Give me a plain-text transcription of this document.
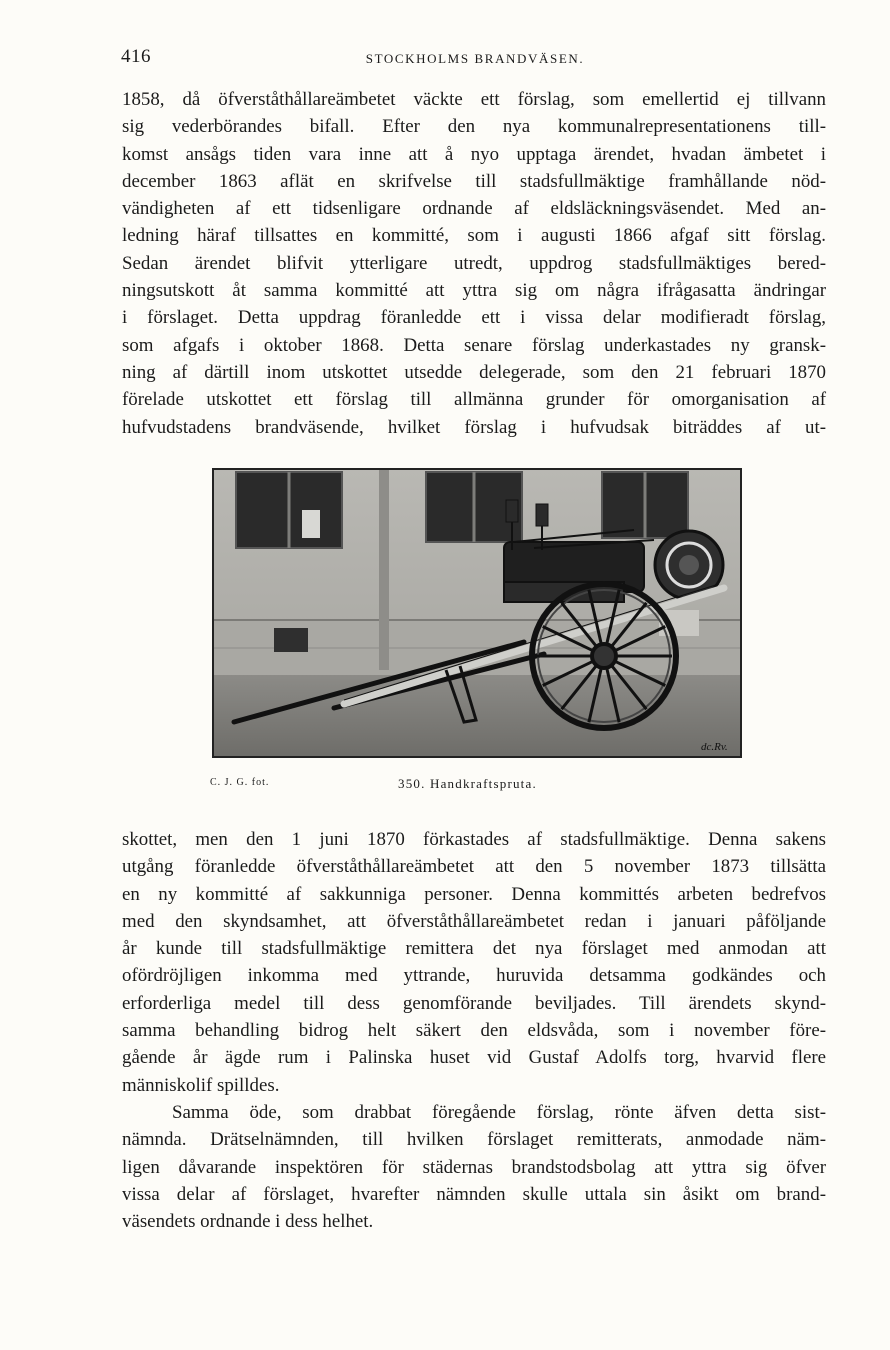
416	STOCKHOLMS BRANDVÄSEN.
1858, då öfverståthållareämbetet väckte ett förslag, som emellertid ej tillvann
sig vederbörandes bifall. Efter den nya kommunalrepresentationens till-
komst ansågs tiden vara inne att å nyo upptaga ärendet, hvadan ämbetet i
december 1863 aflät en skrifvelse till stadsfullmäktige framhållande nöd-
vändigheten af ett tidsenligare ordnande af eldsläckningsväsendet. Med an-
ledning häraf tillsattes en kommitté, som i augusti 1866 afgaf sitt förslag.
Sedan ärendet blifvit ytterligare utredt, uppdrog stadsfullmäktiges bered-
ningsutskott åt samma kommitté att yttra sig om några ifrågasatta ändringar
i förslaget. Detta uppdrag föranledde ett i vissa delar modifieradt förslag,
som afgafs i oktober 1868. Detta senare förslag underkastades ny gransk-
ning af därtill inom utskottet utsedde delegerade, som den 21 februari 1870
förelade utskottet ett förslag till allmänna grunder för omorganisation af
hufvudstadens brandväsende, hvilket förslag i hufvudsak biträddes af ut-
dc.Rv.
C. J. G. fot.	350. Handkraftspruta.
skottet, men den 1 juni 1870 förkastades af stadsfullmäktige. Denna sakens
utgång föranledde öfverståthållareämbetet att den 5 november 1873 tillsätta
en ny kommitté af sakkunniga personer. Denna kommittés arbeten bedrefvos
med den skyndsamhet, att öfverståthållareämbetet redan i januari påföljande
år kunde till stadsfullmäktige remittera det nya förslaget med anmodan att
ofördröjligen inkomma med yttrande, huruvida detsamma godkändes och
erforderliga medel till dess genomförande beviljades. Till ärendets skynd-
samma behandling bidrog helt säkert den eldsvåda, som i november före-
gående år ägde rum i Palinska huset vid Gustaf Adolfs torg, hvarvid flere
människolif spilldes.
Samma öde, som drabbat föregående förslag, rönte äfven detta sist-
nämnda. Drätselnämnden, till hvilken förslaget remitterats, anmodade näm-
ligen dåvarande inspektören för städernas brandstodsbolag att yttra sig öfver
vissa delar af förslaget, hvarefter nämnden skulle uttala sin åsikt om brand-
väsendets ordnande i dess helhet.
